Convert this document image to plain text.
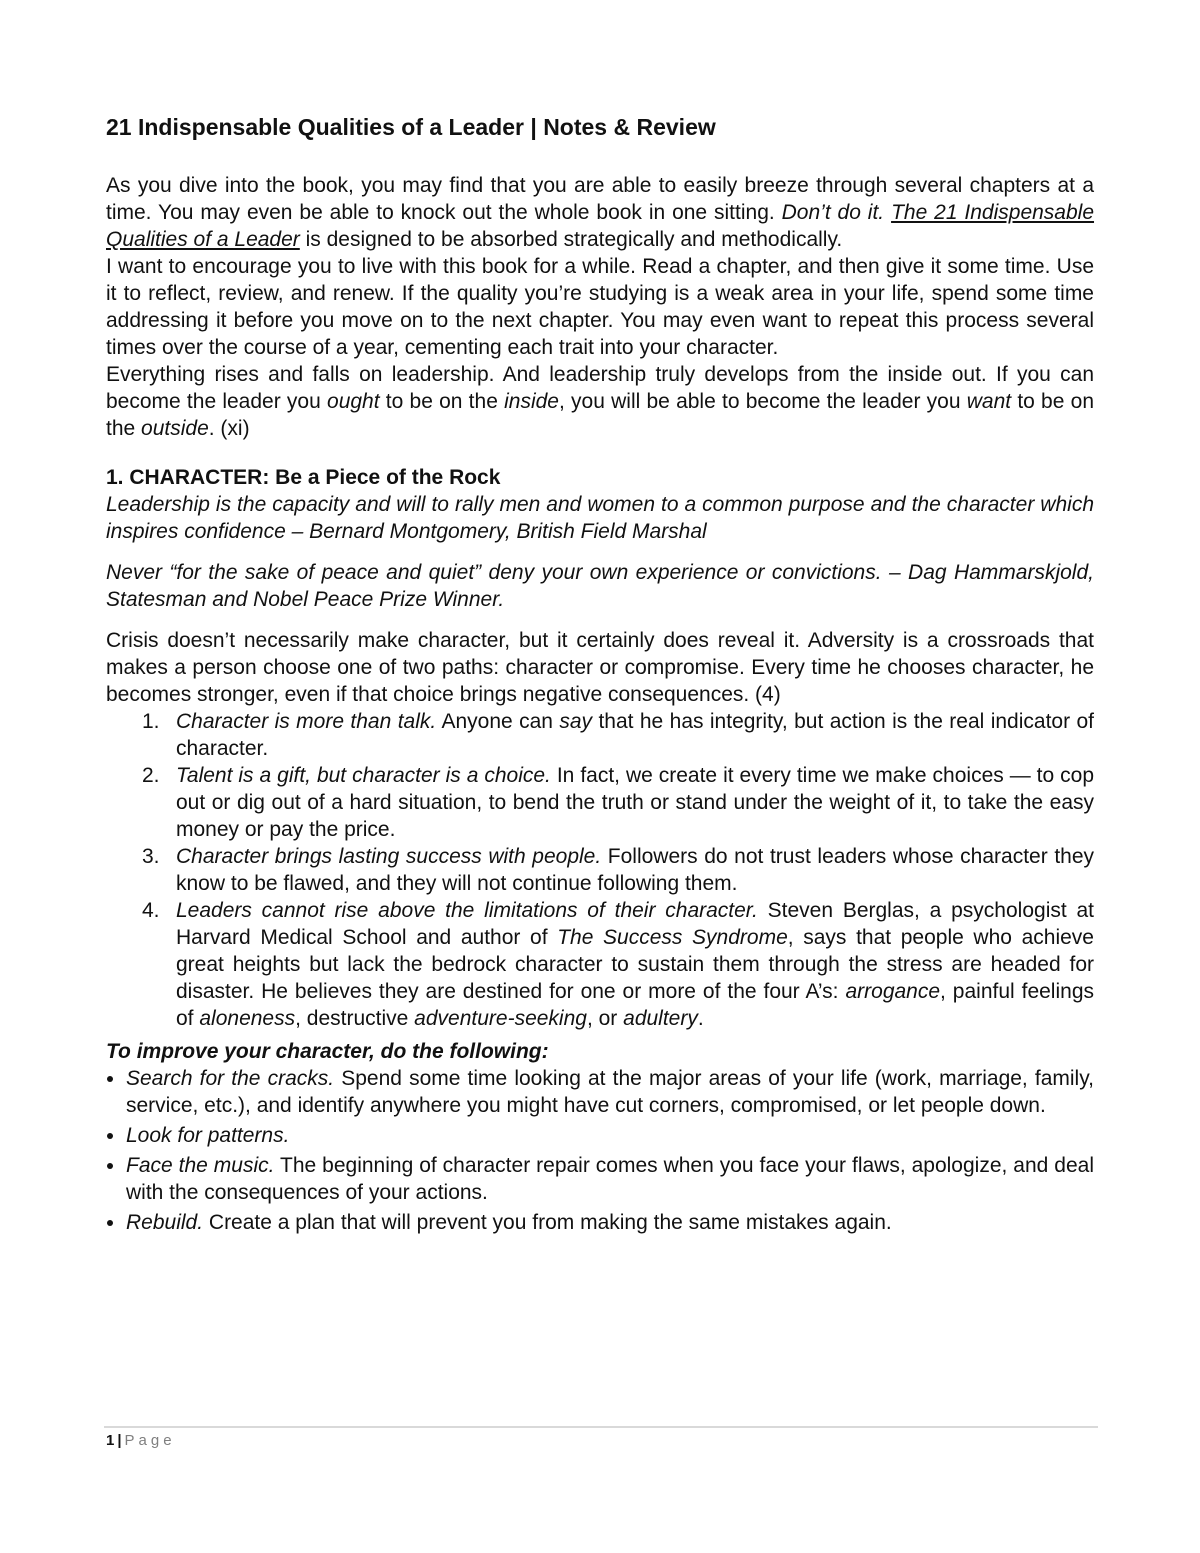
21 Indispensable Qualities of a Leader | Notes & Review

As you dive into the book, you may find that you are able to easily breeze through several chapters at a time. You may even be able to knock out the whole book in one sitting. Don’t do it. The 21 Indispensable Qualities of a Leader is designed to be absorbed strategically and methodically.

I want to encourage you to live with this book for a while. Read a chapter, and then give it some time. Use it to reflect, review, and renew. If the quality you’re studying is a weak area in your life, spend some time addressing it before you move on to the next chapter. You may even want to repeat this process several times over the course of a year, cementing each trait into your character.

Everything rises and falls on leadership. And leadership truly develops from the inside out. If you can become the leader you ought to be on the inside, you will be able to become the leader you want to be on the outside. (xi)

1. CHARACTER: Be a Piece of the Rock

Leadership is the capacity and will to rally men and women to a common purpose and the character which inspires confidence – Bernard Montgomery, British Field Marshal

Never “for the sake of peace and quiet” deny your own experience or convictions. – Dag Hammarskjold, Statesman and Nobel Peace Prize Winner.

Crisis doesn’t necessarily make character, but it certainly does reveal it. Adversity is a crossroads that makes a person choose one of two paths: character or compromise. Every time he chooses character, he becomes stronger, even if that choice brings negative consequences. (4)

1. Character is more than talk. Anyone can say that he has integrity, but action is the real indicator of character.
2. Talent is a gift, but character is a choice. In fact, we create it every time we make choices — to cop out or dig out of a hard situation, to bend the truth or stand under the weight of it, to take the easy money or pay the price.
3. Character brings lasting success with people. Followers do not trust leaders whose character they know to be flawed, and they will not continue following them.
4. Leaders cannot rise above the limitations of their character. Steven Berglas, a psychologist at Harvard Medical School and author of The Success Syndrome, says that people who achieve great heights but lack the bedrock character to sustain them through the stress are headed for disaster. He believes they are destined for one or more of the four A’s: arrogance, painful feelings of aloneness, destructive adventure-seeking, or adultery.

To improve your character, do the following:

Search for the cracks. Spend some time looking at the major areas of your life (work, marriage, family, service, etc.), and identify anywhere you might have cut corners, compromised, or let people down.
Look for patterns.
Face the music. The beginning of character repair comes when you face your flaws, apologize, and deal with the consequences of your actions.
Rebuild. Create a plan that will prevent you from making the same mistakes again.
1 | Page
